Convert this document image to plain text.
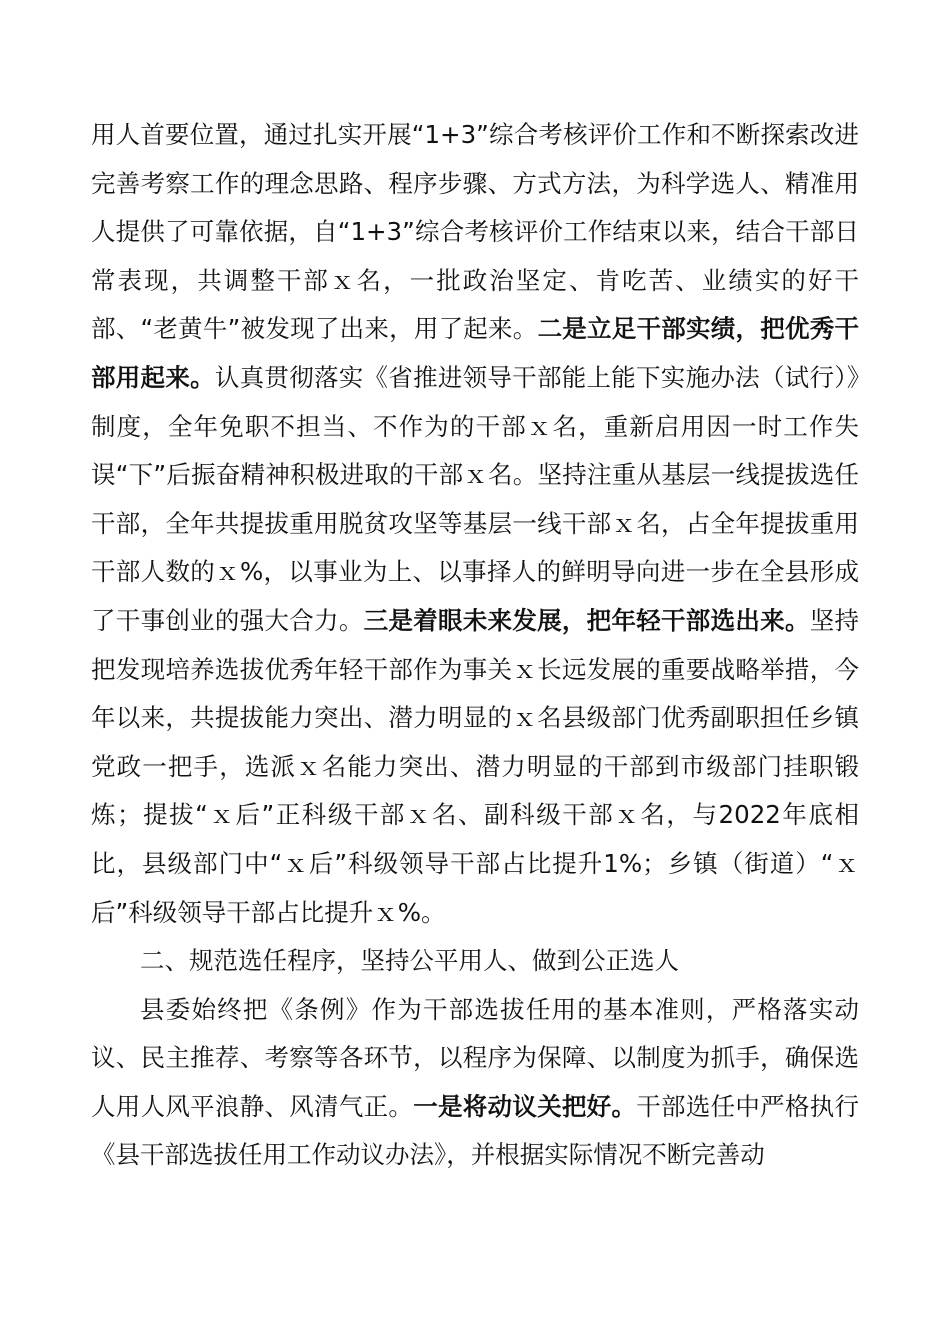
用人首要位置，通过扎实开展“1+3”综合考核评价工作和不断探索改进完善考察工作的理念思路、程序步骤、方式方法，为科学选人、精准用人提供了可靠依据，自“1+3”综合考核评价工作结束以来，结合干部日常表现，共调整干部ｘ名，一批政治坚定、肯吃苦、业绩实的好干部、“老黄牛”被发现了出来，用了起来。二是立足干部实绩，把优秀干部用起来。认真贯彻落实《省推进领导干部能上能下实施办法（试行）》制度，全年免职不担当、不作为的干部ｘ名，重新启用因一时工作失误“下”后振奋精神积极进取的干部ｘ名。坚持注重从基层一线提拔选任干部，全年共提拔重用脱贫攻坚等基层一线干部ｘ名，占全年提拔重用干部人数的ｘ%，以事业为上、以事择人的鲜明导向进一步在全县形成了干事创业的强大合力。三是着眼未来发展，把年轻干部选出来。坚持把发现培养选拔优秀年轻干部作为事关ｘ长远发展的重要战略举措，今年以来，共提拔能力突出、潜力明显的ｘ名县级部门优秀副职担任乡镇党政一把手，选派ｘ名能力突出、潜力明显的干部到市级部门挂职锻炼；提拔“ｘ后”正科级干部ｘ名、副科级干部ｘ名，与2022年底相比，县级部门中“ｘ后”科级领导干部占比提升1%；乡镇（街道）“ｘ后”科级领导干部占比提升ｘ%。

二、规范选任程序，坚持公平用人、做到公正选人

县委始终把《条例》作为干部选拔任用的基本准则，严格落实动议、民主推荐、考察等各环节，以程序为保障、以制度为抓手，确保选人用人风平浪静、风清气正。一是将动议关把好。干部选任中严格执行《县干部选拔任用工作动议办法》，并根据实际情况不断完善动
